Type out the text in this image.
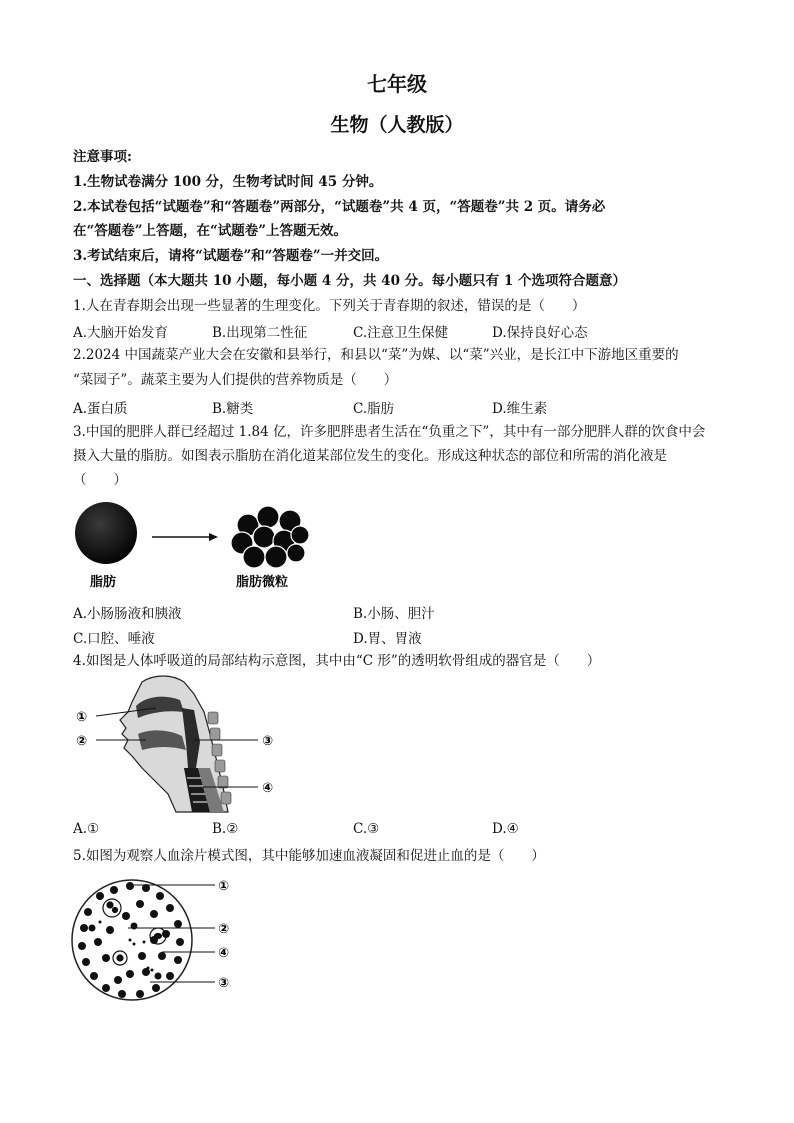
七年级
生物（人教版）
注意事项:
1.生物试卷满分 100 分，生物考试时间 45 分钟。
2.本试卷包括“试题卷”和“答题卷”两部分，“试题卷”共 4 页，“答题卷”共 2 页。请务必
在“答题卷”上答题，在“试题卷”上答题无效。
3.考试结束后，请将“试题卷”和“答题卷”一并交回。
一、选择题（本大题共 10 小题，每小题 4 分，共 40 分。每小题只有 1 个选项符合题意）
1.人在青春期会出现一些显著的生理变化。下列关于青春期的叙述，错误的是（　　）
A.大脑开始发育	B.出现第二性征	C.注意卫生保健	D.保持良好心态
2.2024 中国蔬菜产业大会在安徽和县举行，和县以“菜”为媒、以“菜”兴业，是长江中下游地区重要的
“菜园子”。蔬菜主要为人们提供的营养物质是（　　）
A.蛋白质	B.糖类	C.脂肪	D.维生素
3.中国的肥胖人群已经超过 1.84 亿，许多肥胖患者生活在“负重之下”，其中有一部分肥胖人群的饮食中会
摄入大量的脂肪。如图表示脂肪在消化道某部位发生的变化。形成这种状态的部位和所需的消化液是
（　　）
脂肪	脂肪微粒
A.小肠肠液和胰液	B.小肠、胆汁
C.口腔、唾液	D.胃、胃液
4.如图是人体呼吸道的局部结构示意图，其中由“C 形”的透明软骨组成的器官是（　　）
①
②	③
④
A.①	B.②	C.③	D.④
5.如图为观察人血涂片模式图，其中能够加速血液凝固和促进止血的是（　　）
①
②
④
③
